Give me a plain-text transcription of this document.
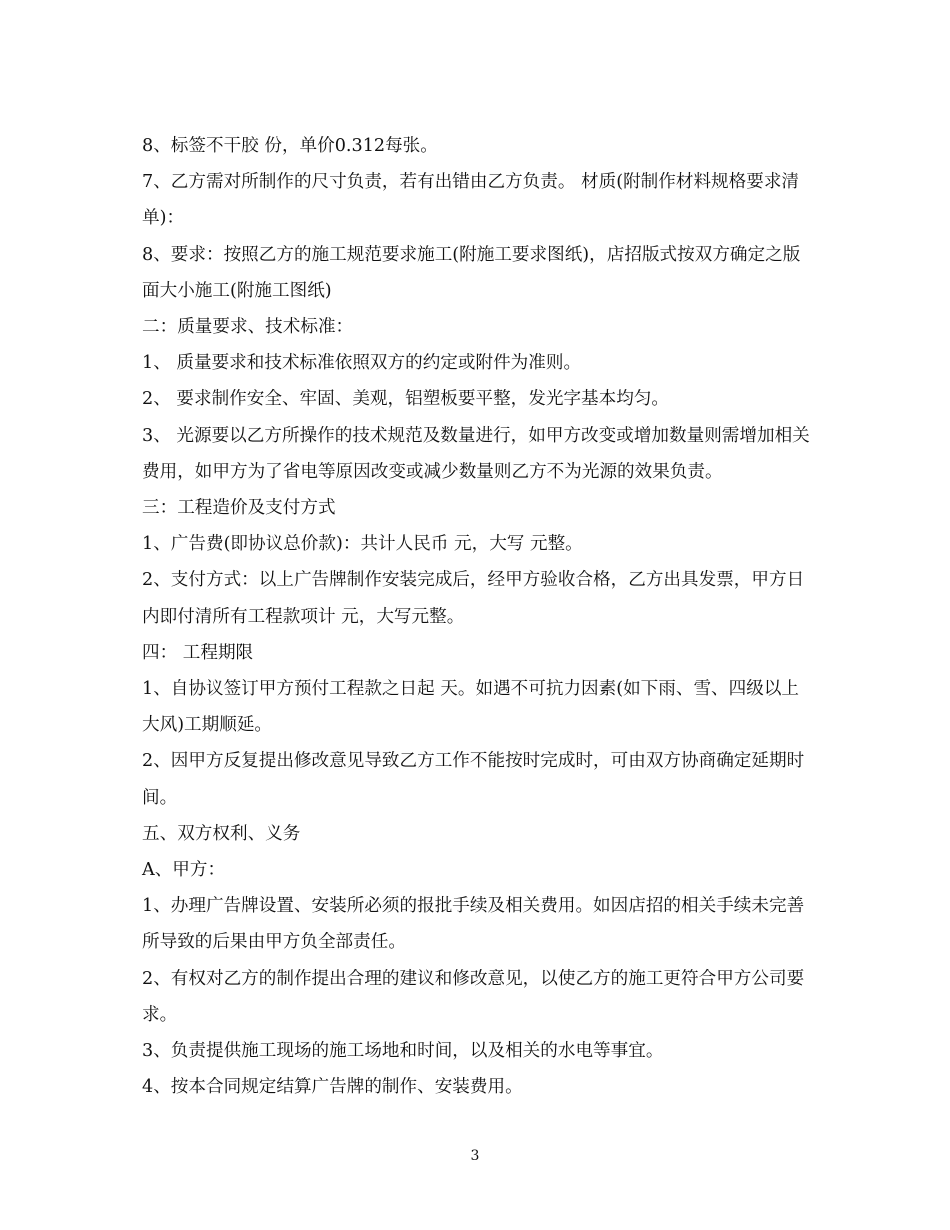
8、标签不干胶 份，单价0.312每张。

7、乙方需对所制作的尺寸负责，若有出错由乙方负责。 材质(附制作材料规格要求清单)：

8、要求：按照乙方的施工规范要求施工(附施工要求图纸)，店招版式按双方确定之版面大小施工(附施工图纸)

二：质量要求、技术标准：

1、 质量要求和技术标准依照双方的约定或附件为准则。

2、 要求制作安全、牢固、美观，铝塑板要平整，发光字基本均匀。

3、 光源要以乙方所操作的技术规范及数量进行，如甲方改变或增加数量则需增加相关费用，如甲方为了省电等原因改变或减少数量则乙方不为光源的效果负责。

三：工程造价及支付方式

1、广告费(即协议总价款)：共计人民币 元，大写 元整。

2、支付方式：以上广告牌制作安装完成后，经甲方验收合格，乙方出具发票，甲方日内即付清所有工程款项计 元，大写元整。

四： 工程期限

1、自协议签订甲方预付工程款之日起 天。如遇不可抗力因素(如下雨、雪、四级以上大风)工期顺延。

2、因甲方反复提出修改意见导致乙方工作不能按时完成时，可由双方协商确定延期时间。

五、双方权利、义务

A、甲方：

1、办理广告牌设置、安装所必须的报批手续及相关费用。如因店招的相关手续未完善所导致的后果由甲方负全部责任。

2、有权对乙方的制作提出合理的建议和修改意见，以使乙方的施工更符合甲方公司要求。

3、负责提供施工现场的施工场地和时间，以及相关的水电等事宜。

4、按本合同规定结算广告牌的制作、安装费用。

3
